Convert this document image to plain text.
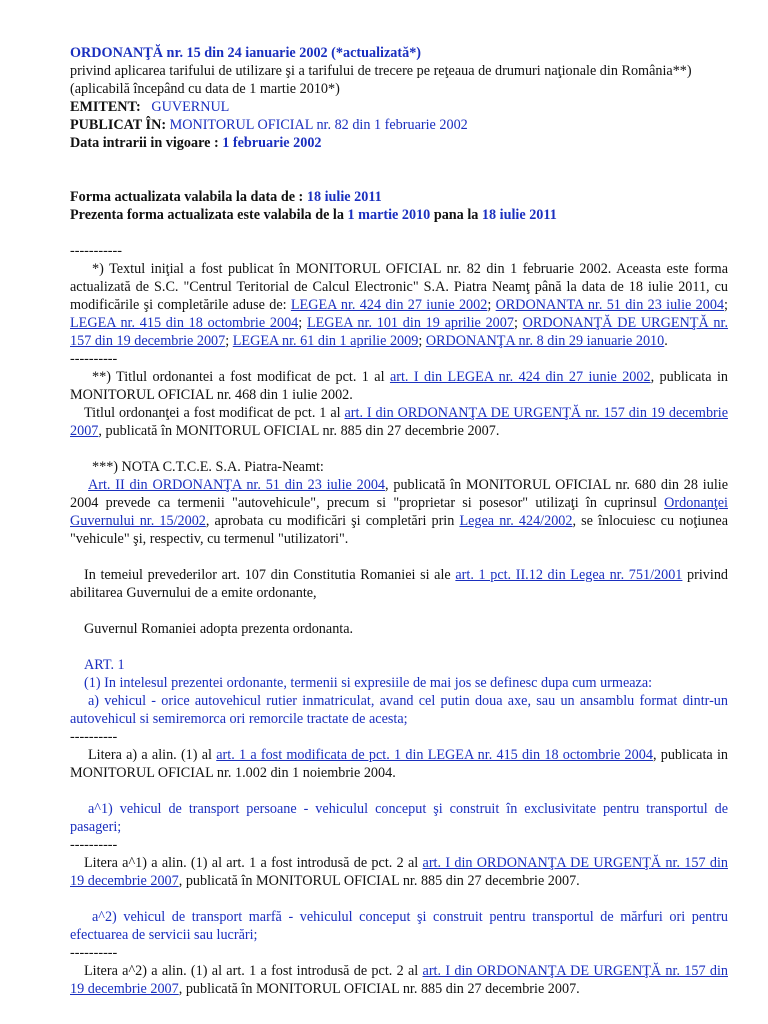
ORDONANŢĂ nr. 15 din 24 ianuarie 2002 (*actualizată*)

privind aplicarea tarifului de utilizare şi a tarifului de trecere pe reţeaua de drumuri naţionale din România**)

(aplicabilă începând cu data de 1 martie 2010*)

EMITENT: GUVERNUL

PUBLICAT ÎN: MONITORUL OFICIAL nr. 82 din 1 februarie 2002

Data intrarii in vigoare : 1 februarie 2002

Forma actualizata valabila la data de : 18 iulie 2011

Prezenta forma actualizata este valabila de la 1 martie 2010 pana la 18 iulie 2011

-----------

*) Textul iniţial a fost publicat în MONITORUL OFICIAL nr. 82 din 1 februarie 2002. Aceasta este forma actualizată de S.C. "Centrul Teritorial de Calcul Electronic" S.A. Piatra Neamţ până la data de 18 iulie 2011, cu modificările şi completările aduse de: LEGEA nr. 424 din 27 iunie 2002; ORDONANTA nr. 51 din 23 iulie 2004; LEGEA nr. 415 din 18 octombrie 2004; LEGEA nr. 101 din 19 aprilie 2007; ORDONANŢĂ DE URGENŢĂ nr. 157 din 19 decembrie 2007; LEGEA nr. 61 din 1 aprilie 2009; ORDONANŢA nr. 8 din 29 ianuarie 2010.

----------

**) Titlul ordonantei a fost modificat de pct. 1 al art. I din LEGEA nr. 424 din 27 iunie 2002, publicata in MONITORUL OFICIAL nr. 468 din 1 iulie 2002.

Titlul ordonanţei a fost modificat de pct. 1 al art. I din ORDONANŢA DE URGENŢĂ nr. 157 din 19 decembrie 2007, publicată în MONITORUL OFICIAL nr. 885 din 27 decembrie 2007.

***) NOTA C.T.C.E. S.A. Piatra-Neamt:

Art. II din ORDONANŢA nr. 51 din 23 iulie 2004, publicată în MONITORUL OFICIAL nr. 680 din 28 iulie 2004 prevede ca termenii "autovehicule", precum si "proprietar si posesor" utilizaţi în cuprinsul Ordonanţei Guvernului nr. 15/2002, aprobata cu modificări şi completări prin Legea nr. 424/2002, se înlocuiesc cu noţiunea "vehicule" şi, respectiv, cu termenul "utilizatori".

In temeiul prevederilor art. 107 din Constitutia Romaniei si ale art. 1 pct. II.12 din Legea nr. 751/2001 privind abilitarea Guvernului de a emite ordonante,

Guvernul Romaniei adopta prezenta ordonanta.

ART. 1

(1) In intelesul prezentei ordonante, termenii si expresiile de mai jos se definesc dupa cum urmeaza:

a) vehicul - orice autovehicul rutier inmatriculat, avand cel putin doua axe, sau un ansamblu format dintr-un autovehicul si semiremorca ori remorcile tractate de acesta;

----------

Litera a) a alin. (1) al art. 1 a fost modificata de pct. 1 din LEGEA nr. 415 din 18 octombrie 2004, publicata in MONITORUL OFICIAL nr. 1.002 din 1 noiembrie 2004.

a^1) vehicul de transport persoane - vehiculul conceput şi construit în exclusivitate pentru transportul de pasageri;

----------

Litera a^1) a alin. (1) al art. 1 a fost introdusă de pct. 2 al art. I din ORDONANŢA DE URGENŢĂ nr. 157 din 19 decembrie 2007, publicată în MONITORUL OFICIAL nr. 885 din 27 decembrie 2007.

a^2) vehicul de transport marfă - vehiculul conceput şi construit pentru transportul de mărfuri ori pentru efectuarea de servicii sau lucrări;

----------

Litera a^2) a alin. (1) al art. 1 a fost introdusă de pct. 2 al art. I din ORDONANŢA DE URGENŢĂ nr. 157 din 19 decembrie 2007, publicată în MONITORUL OFICIAL nr. 885 din 27 decembrie 2007.
